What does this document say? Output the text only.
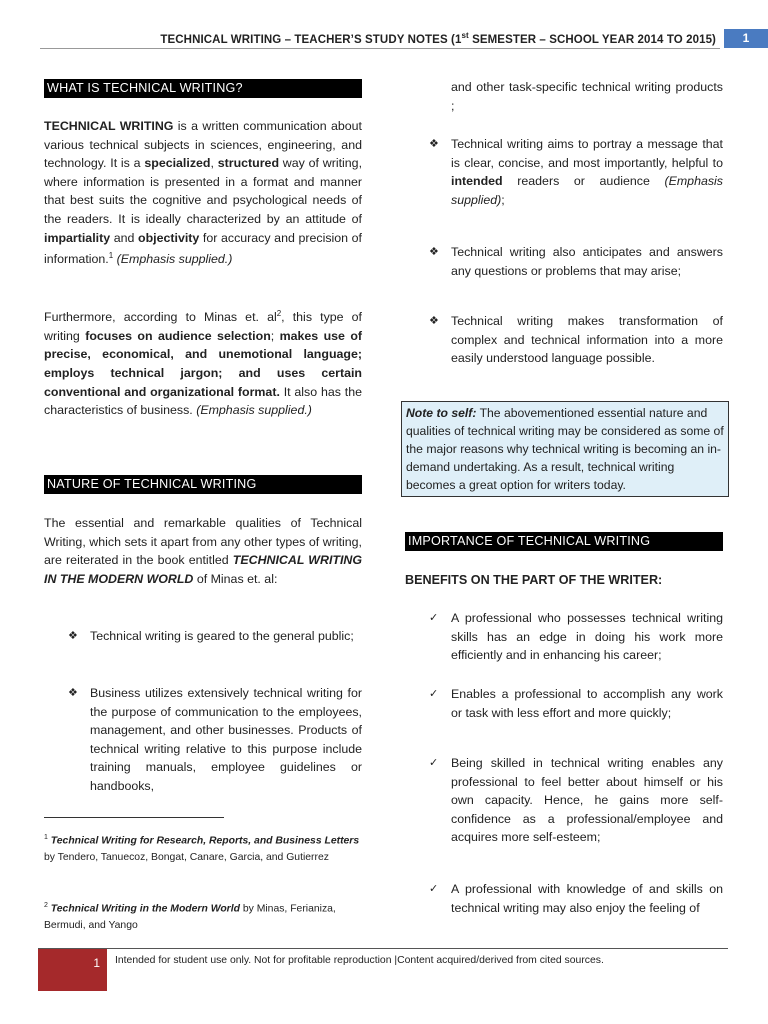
TECHNICAL WRITING – TEACHER’S STUDY NOTES (1st SEMESTER – SCHOOL YEAR 2014 TO 2015)	1
WHAT IS TECHNICAL WRITING?

TECHNICAL WRITING is a written communication about various technical subjects in sciences, engineering, and technology. It is a specialized, structured way of writing, where information is presented in a format and manner that best suits the cognitive and psychological needs of the readers. It is ideally characterized by an attitude of impartiality and objectivity for accuracy and precision of information.$^1$ (Emphasis supplied.)

Furthermore, according to Minas et. $al^2$, this type of writing focuses on audience selection; makes use of precise, economical, and unemotional language; employs technical jargon; and uses certain conventional and organizational format. It also has the characteristics of business. (Emphasis supplied.)

NATURE OF TECHNICAL WRITING

The essential and remarkable qualities of Technical Writing, which sets it apart from any other types of writing, are reiterated in the book entitled TECHNICAL WRITING IN THE MODERN WORLD of Minas et. al:

❖ Technical writing is geared to the general public;
❖ Business utilizes extensively technical writing for the purpose of communication to the employees, management, and other businesses. Products of technical writing relative to this purpose include training manuals, employee guidelines or handbooks,
$^1$ Technical Writing for Research, Reports, and Business Letters by Tendero, Tanuecoz, Bongat, Canare, Garcia, and Gutierrez
$^2$ Technical Writing in the Modern World by Minas, Ferianiza, Bermudi, and Yango
and other task-specific technical writing products ;
❖ Technical writing aims to portray a message that is clear, concise, and most importantly, helpful to intended readers or audience (Emphasis supplied);
❖ Technical writing also anticipates and answers any questions or problems that may arise;
❖ Technical writing makes transformation of complex and technical information into a more easily understood language possible.
Note to self: The abovementioned essential nature and qualities of technical writing may be considered as some of the major reasons why technical writing is becoming an in-demand undertaking. As a result, technical writing becomes a great option for writers today.
IMPORTANCE OF TECHNICAL WRITING
BENEFITS ON THE PART OF THE WRITER:
✓ A professional who possesses technical writing skills has an edge in doing his work more efficiently and in enhancing his career;
✓ Enables a professional to accomplish any work or task with less effort and more quickly;
✓ Being skilled in technical writing enables any professional to feel better about himself or his own capacity. Hence, he gains more self-confidence as a professional/employee and acquires more self-esteem;
✓ A professional with knowledge of and skills on technical writing may also enjoy the feeling of
1 Intended for student use only. Not for profitable reproduction |Content acquired/derived from cited sources.
